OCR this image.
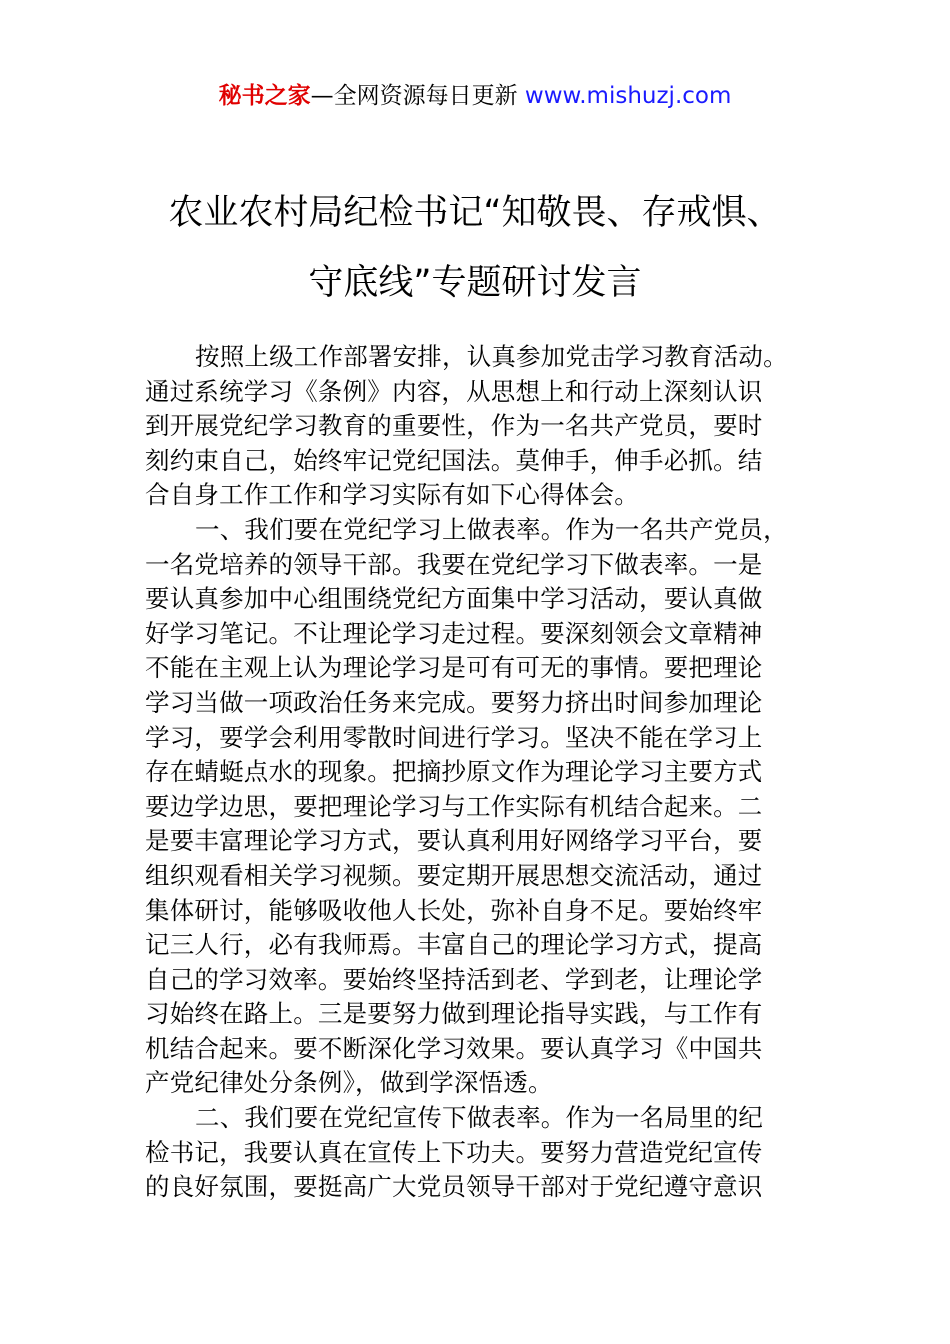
秘书之家—全网资源每日更新 www.mishuzj.com
农业农村局纪检书记“知敬畏、存戒惧、
守底线”专题研讨发言
按照上级工作部署安排，认真参加党击学习教育活动。
通过系统学习《条例》内容，从思想上和行动上深刻认识
到开展党纪学习教育的重要性，作为一名共产党员，要时
刻约束自己，始终牢记党纪国法。莫伸手，伸手必抓。结
合自身工作工作和学习实际有如下心得体会。
一、我们要在党纪学习上做表率。作为一名共产党员，
一名党培养的领导干部。我要在党纪学习下做表率。一是
要认真参加中心组围绕党纪方面集中学习活动，要认真做
好学习笔记。不让理论学习走过程。要深刻领会文章精神
不能在主观上认为理论学习是可有可无的事情。要把理论
学习当做一项政治任务来完成。要努力挤出时间参加理论
学习，要学会利用零散时间进行学习。坚决不能在学习上
存在蜻蜓点水的现象。把摘抄原文作为理论学习主要方式
要边学边思，要把理论学习与工作实际有机结合起来。二
是要丰富理论学习方式，要认真利用好网络学习平台，要
组织观看相关学习视频。要定期开展思想交流活动，通过
集体研讨，能够吸收他人长处，弥补自身不足。要始终牢
记三人行，必有我师焉。丰富自己的理论学习方式，提高
自己的学习效率。要始终坚持活到老、学到老，让理论学
习始终在路上。三是要努力做到理论指导实践，与工作有
机结合起来。要不断深化学习效果。要认真学习《中国共
产党纪律处分条例》，做到学深悟透。
二、我们要在党纪宣传下做表率。作为一名局里的纪
检书记，我要认真在宣传上下功夫。要努力营造党纪宣传
的良好氛围，要挺高广大党员领导干部对于党纪遵守意识
